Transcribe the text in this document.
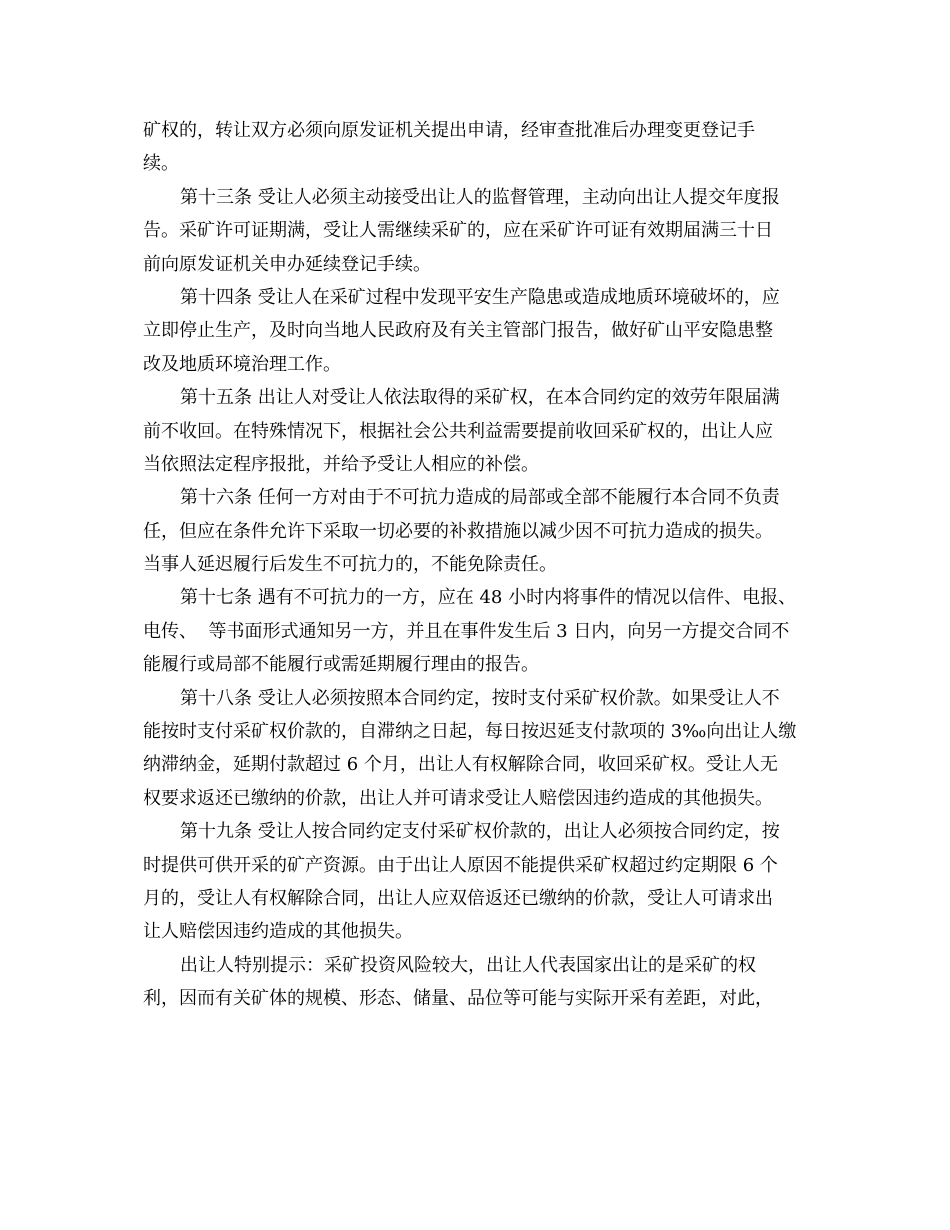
矿权的，转让双方必须向原发证机关提出申请，经审查批准后办理变更登记手
续。
第十三条 受让人必须主动接受出让人的监督管理，主动向出让人提交年度报
告。采矿许可证期满，受让人需继续采矿的，应在采矿许可证有效期届满三十日
前向原发证机关申办延续登记手续。
第十四条 受让人在采矿过程中发现平安生产隐患或造成地质环境破坏的，应
立即停止生产，及时向当地人民政府及有关主管部门报告，做好矿山平安隐患整
改及地质环境治理工作。
第十五条 出让人对受让人依法取得的采矿权，在本合同约定的效劳年限届满
前不收回。在特殊情况下，根据社会公共利益需要提前收回采矿权的，出让人应
当依照法定程序报批，并给予受让人相应的补偿。
第十六条 任何一方对由于不可抗力造成的局部或全部不能履行本合同不负责
任，但应在条件允许下采取一切必要的补救措施以减少因不可抗力造成的损失。
当事人延迟履行后发生不可抗力的，不能免除责任。
第十七条 遇有不可抗力的一方，应在 48 小时内将事件的情况以信件、电报、
电传、  等书面形式通知另一方，并且在事件发生后 3 日内，向另一方提交合同不
能履行或局部不能履行或需延期履行理由的报告。
第十八条 受让人必须按照本合同约定，按时支付采矿权价款。如果受让人不
能按时支付采矿权价款的，自滞纳之日起，每日按迟延支付款项的 3‰向出让人缴
纳滞纳金，延期付款超过 6 个月，出让人有权解除合同，收回采矿权。受让人无
权要求返还已缴纳的价款，出让人并可请求受让人赔偿因违约造成的其他损失。
第十九条 受让人按合同约定支付采矿权价款的，出让人必须按合同约定，按
时提供可供开采的矿产资源。由于出让人原因不能提供采矿权超过约定期限 6 个
月的，受让人有权解除合同，出让人应双倍返还已缴纳的价款，受让人可请求出
让人赔偿因违约造成的其他损失。
出让人特别提示：采矿投资风险较大，出让人代表国家出让的是采矿的权
利，因而有关矿体的规模、形态、储量、品位等可能与实际开采有差距，对此，
